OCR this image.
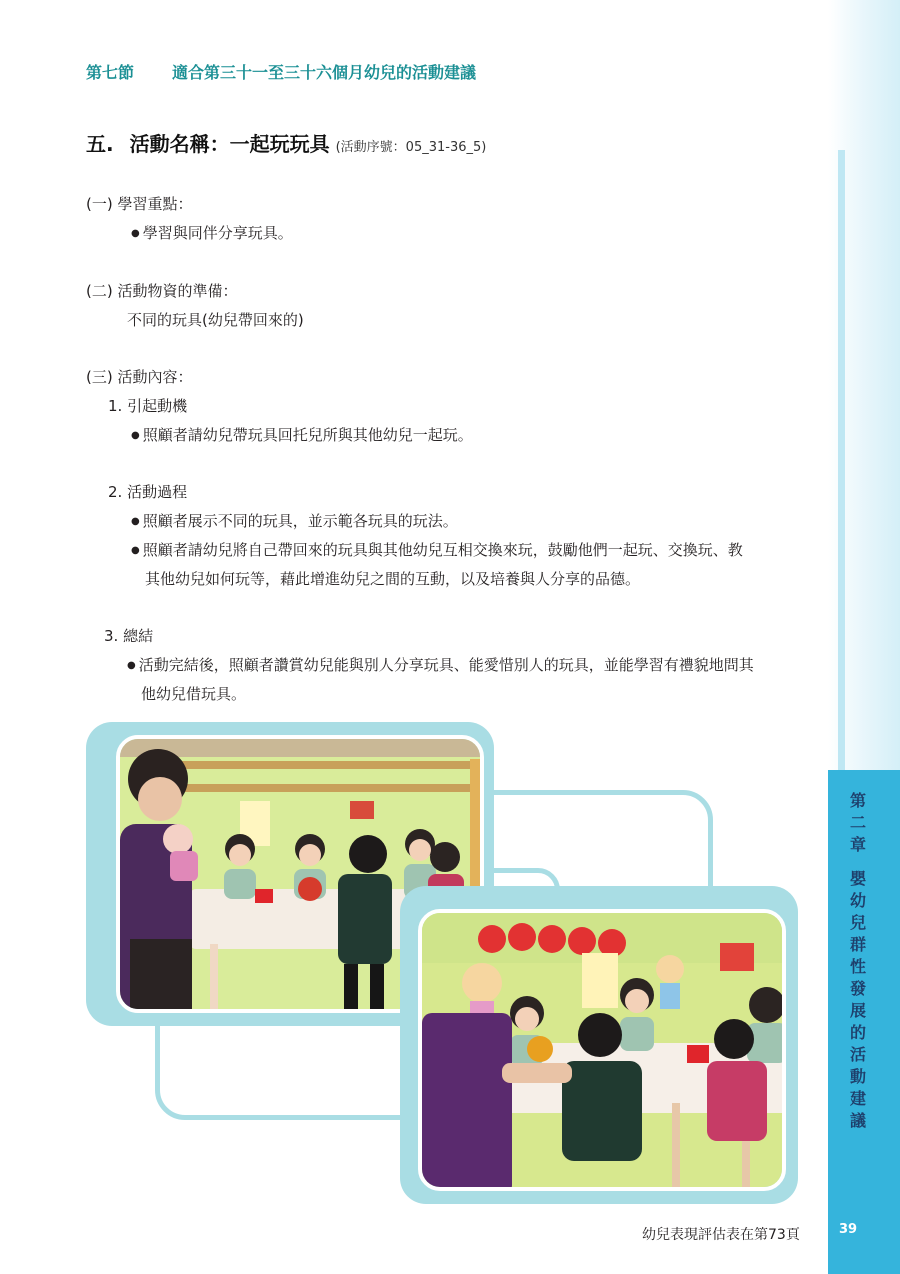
第二章
嬰幼兒群性發展的活動建議
第七節 適合第三十一至三十六個月幼兒的活動建議
五. 活動名稱：一起玩玩具 (活動序號：05_31-36_5)
(一) 學習重點：
● 學習與同伴分享玩具。
(二) 活動物資的準備：
不同的玩具(幼兒帶回來的)
(三) 活動內容：
1. 引起動機
● 照顧者請幼兒帶玩具回托兒所與其他幼兒一起玩。
2. 活動過程
● 照顧者展示不同的玩具，並示範各玩具的玩法。
● 照顧者請幼兒將自己帶回來的玩具與其他幼兒互相交換來玩，鼓勵他們一起玩、交換玩、教
其他幼兒如何玩等，藉此增進幼兒之間的互動，以及培養與人分享的品德。
3. 總結
● 活動完結後，照顧者讚賞幼兒能與別人分享玩具、能愛惜別人的玩具，並能學習有禮貌地問其
他幼兒借玩具。
幼兒表現評估表在第73頁	39
